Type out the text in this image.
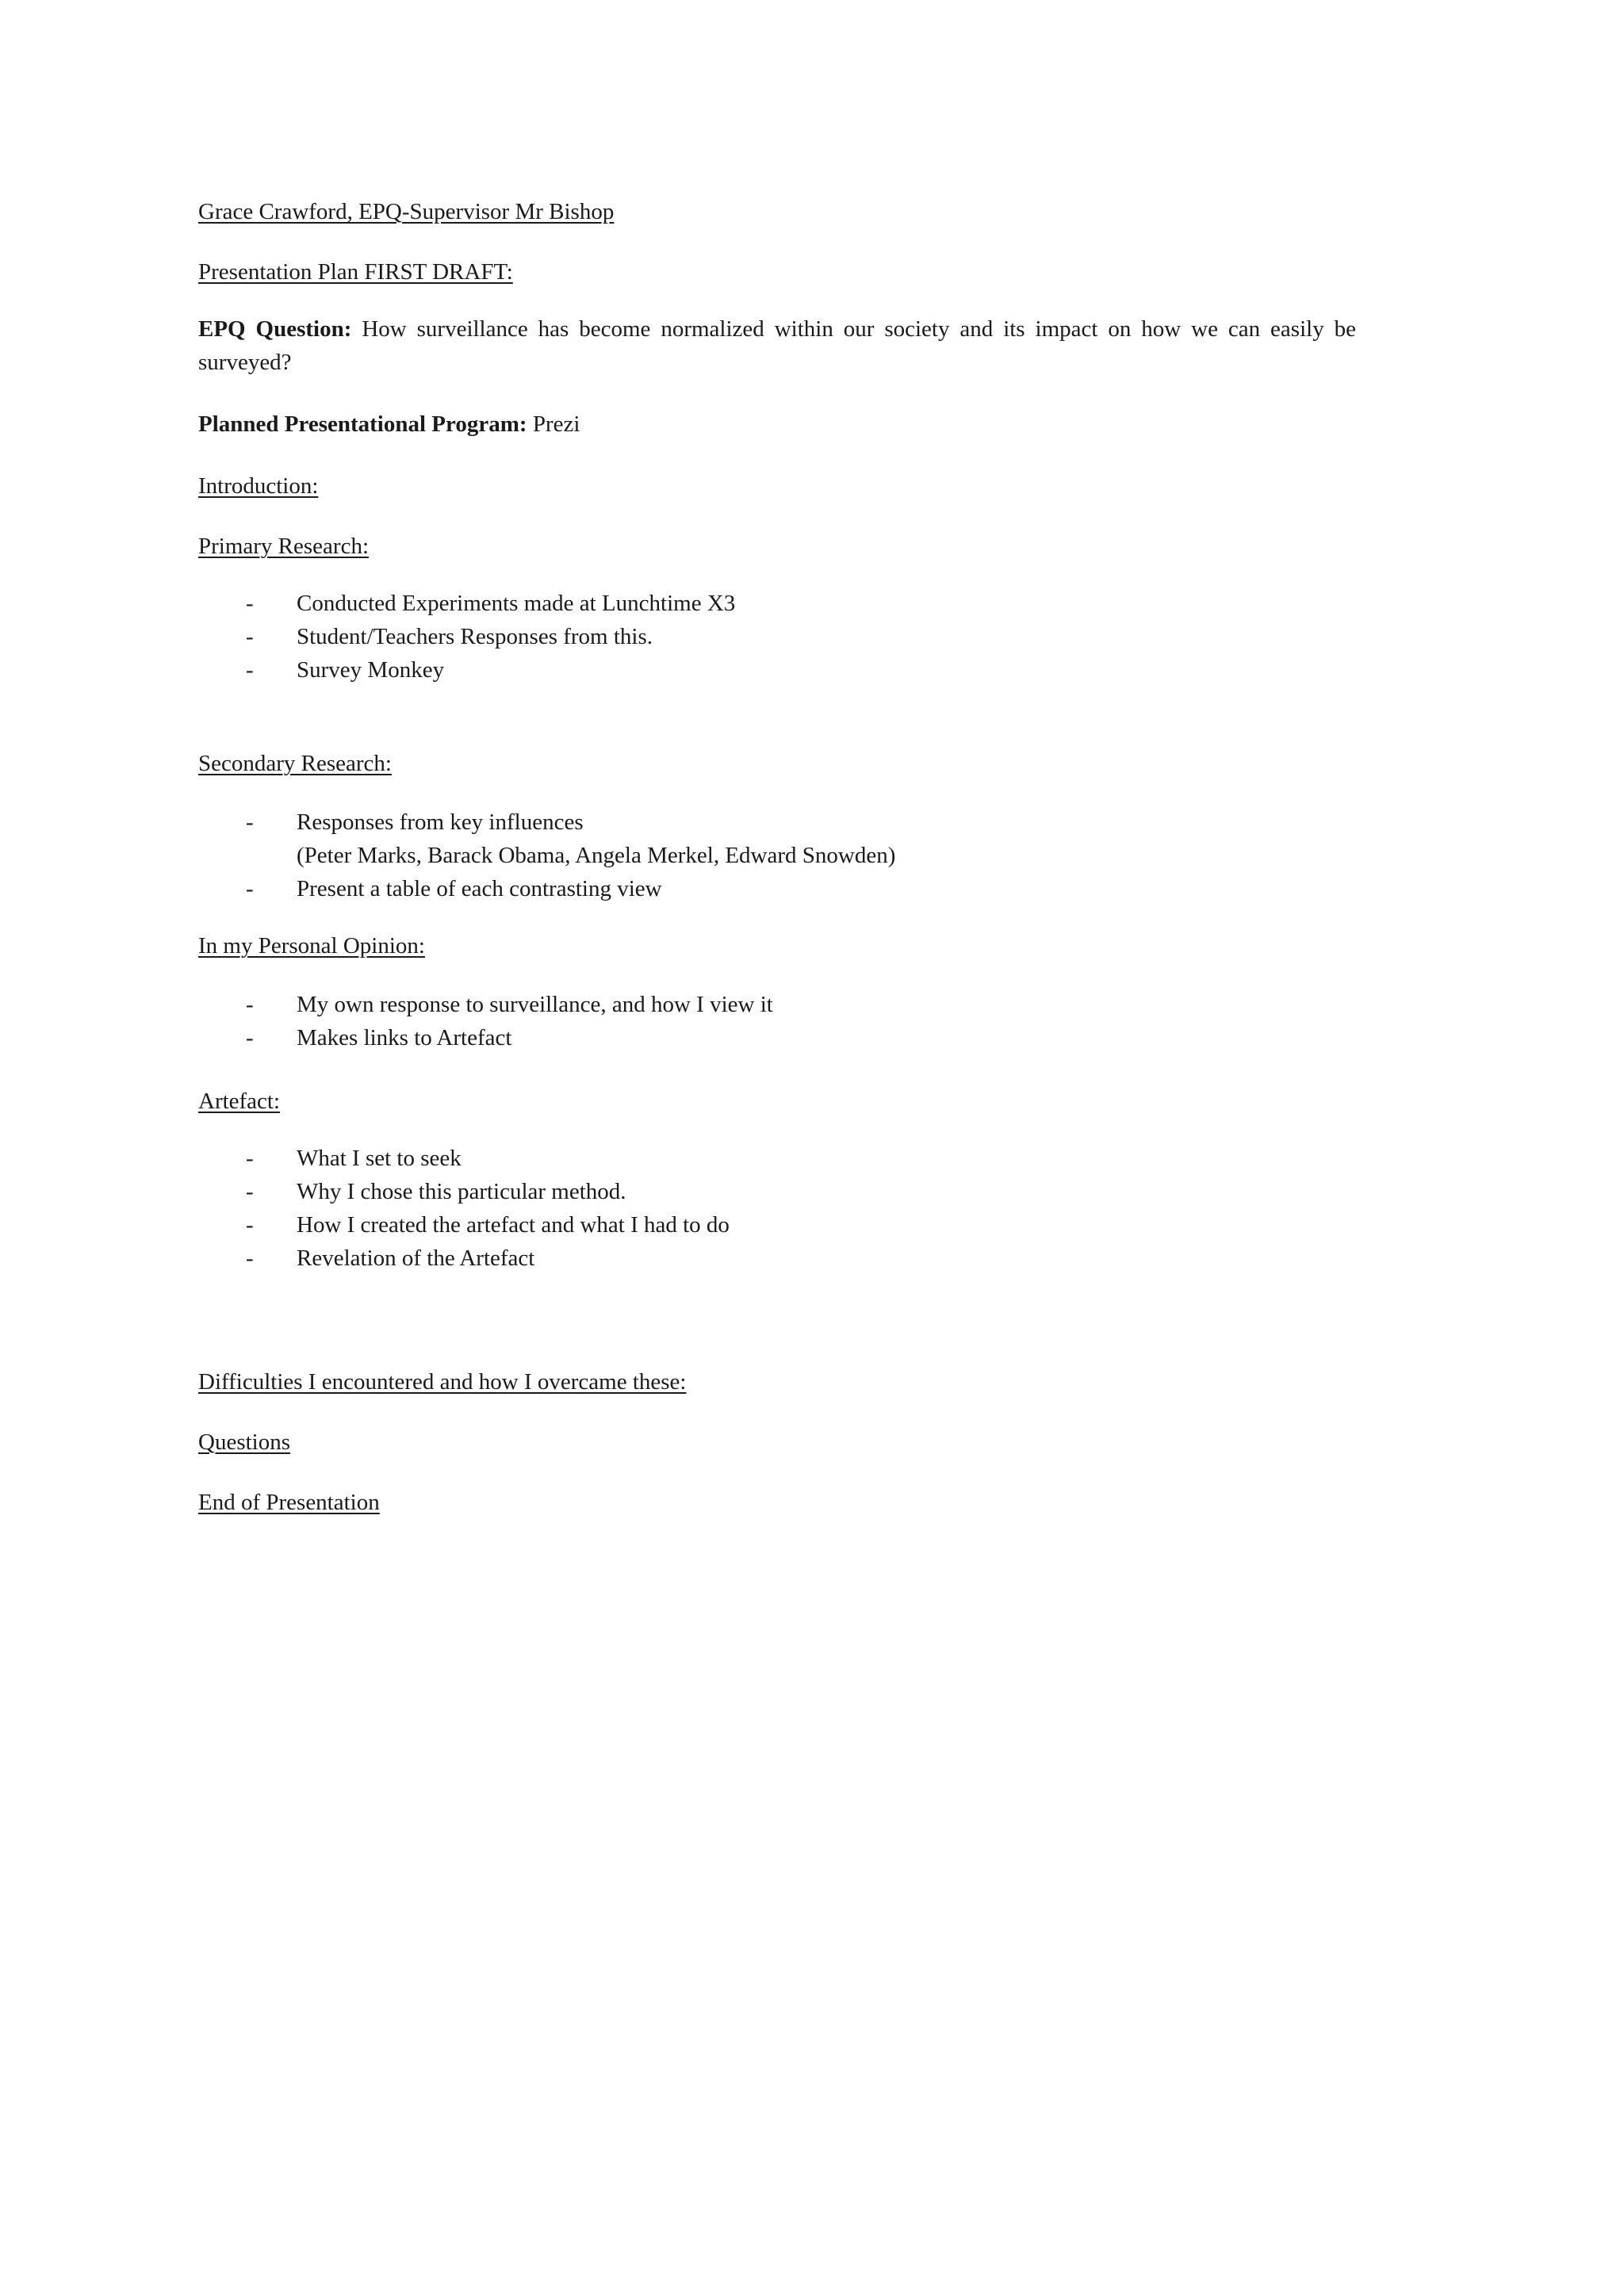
Grace Crawford, EPQ-Supervisor Mr Bishop
Presentation Plan FIRST DRAFT:
EPQ Question: How surveillance has become normalized within our society and its impact on how we can easily be surveyed?
Planned Presentational Program: Prezi
Introduction:
Primary Research:
- Conducted Experiments made at Lunchtime X3
- Student/Teachers Responses from this.
- Survey Monkey
Secondary Research:
- Responses from key influences
(Peter Marks, Barack Obama, Angela Merkel, Edward Snowden)
- Present a table of each contrasting view
In my Personal Opinion:
- My own response to surveillance, and how I view it
- Makes links to Artefact
Artefact:
- What I set to seek
- Why I chose this particular method.
- How I created the artefact and what I had to do
- Revelation of the Artefact
Difficulties I encountered and how I overcame these:
Questions
End of Presentation
